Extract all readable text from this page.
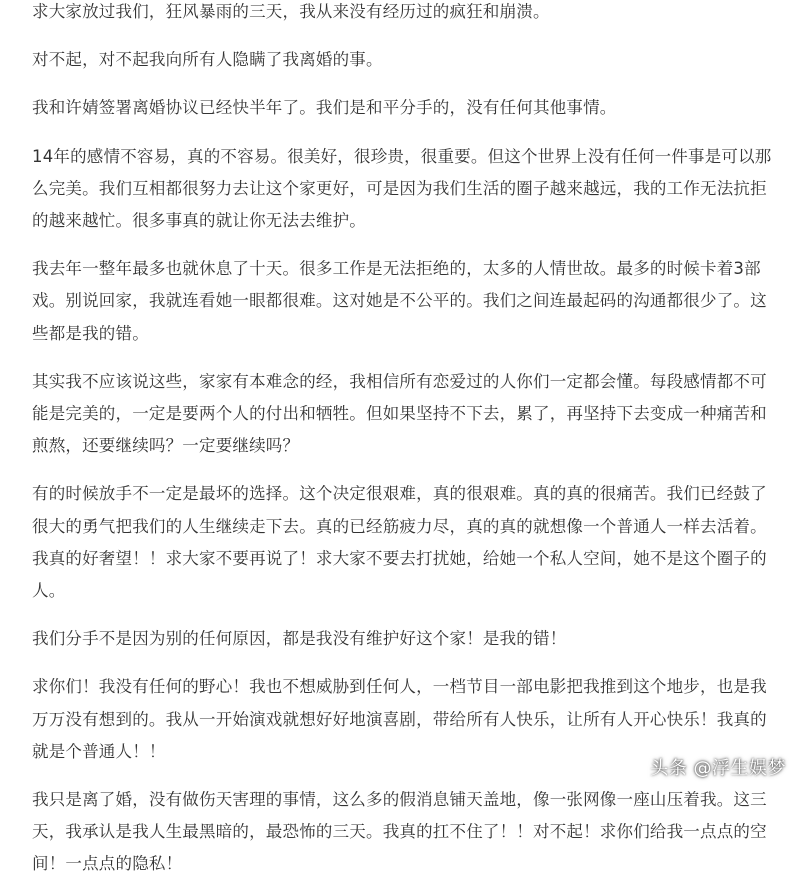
求大家放过我们，狂风暴雨的三天，我从来没有经历过的疯狂和崩溃。

对不起，对不起我向所有人隐瞒了我离婚的事。

我和许婧签署离婚协议已经快半年了。我们是和平分手的，没有任何其他事情。

14年的感情不容易，真的不容易。很美好，很珍贵，很重要。但这个世界上没有任何一件事是可以那么完美。我们互相都很努力去让这个家更好，可是因为我们生活的圈子越来越远，我的工作无法抗拒的越来越忙。很多事真的就让你无法去维护。

我去年一整年最多也就休息了十天。很多工作是无法拒绝的，太多的人情世故。最多的时候卡着3部戏。别说回家，我就连看她一眼都很难。这对她是不公平的。我们之间连最起码的沟通都很少了。这些都是我的错。

其实我不应该说这些，家家有本难念的经，我相信所有恋爱过的人你们一定都会懂。每段感情都不可能是完美的，一定是要两个人的付出和牺牲。但如果坚持不下去，累了，再坚持下去变成一种痛苦和煎熬，还要继续吗？一定要继续吗？

有的时候放手不一定是最坏的选择。这个决定很艰难，真的很艰难。真的真的很痛苦。我们已经鼓了很大的勇气把我们的人生继续走下去。真的已经筋疲力尽，真的真的就想像一个普通人一样去活着。我真的好奢望！！求大家不要再说了！求大家不要去打扰她，给她一个私人空间，她不是这个圈子的人。

我们分手不是因为别的任何原因，都是我没有维护好这个家！是我的错！

求你们！我没有任何的野心！我也不想威胁到任何人，一档节目一部电影把我推到这个地步，也是我万万没有想到的。我从一开始演戏就想好好地演喜剧，带给所有人快乐，让所有人开心快乐！我真的就是个普通人！！

我只是离了婚，没有做伤天害理的事情，这么多的假消息铺天盖地，像一张网像一座山压着我。这三天，我承认是我人生最黑暗的，最恐怖的三天。我真的扛不住了！！对不起！求你们给我一点点的空间！一点点的隐私！

头条 @浮生娱梦
